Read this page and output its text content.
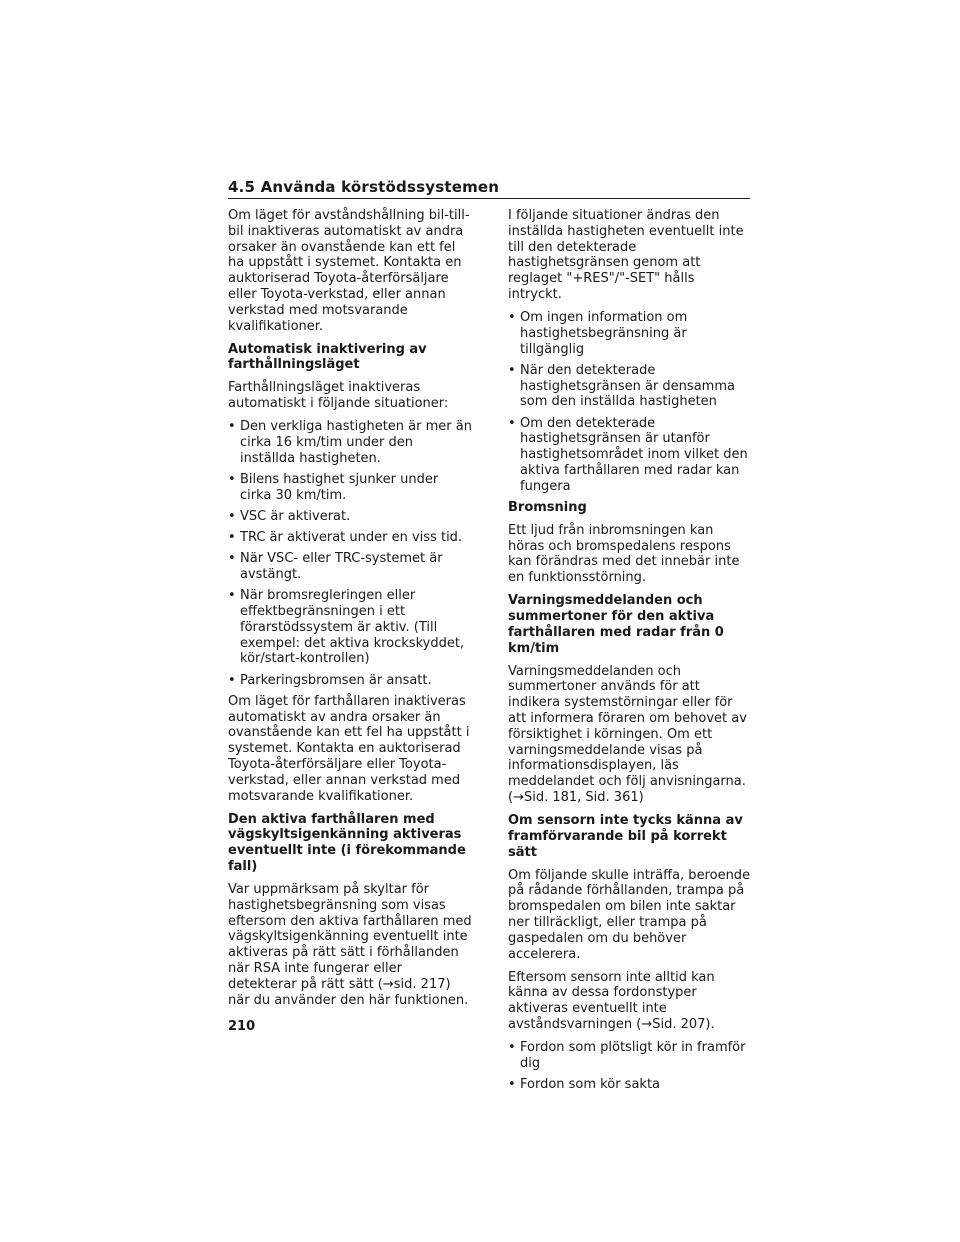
4.5 Använda körstödssystemen

Om läget för avståndshållning bil-till-bil inaktiveras automatiskt av andra orsaker än ovanstående kan ett fel ha uppstått i systemet. Kontakta en auktoriserad Toyota-återförsäljare eller Toyota-verkstad, eller annan verkstad med motsvarande kvalifikationer.

Automatisk inaktivering av farthållningsläget

Farthållningsläget inaktiveras automatiskt i följande situationer:

• Den verkliga hastigheten är mer än cirka 16 km/tim under den inställda hastigheten.
• Bilens hastighet sjunker under cirka 30 km/tim.
• VSC är aktiverat.
• TRC är aktiverat under en viss tid.
• När VSC- eller TRC-systemet är avstängt.
• När bromsregleringen eller effektbegränsningen i ett förarstödssystem är aktiv. (Till exempel: det aktiva krockskyddet, kör/start-kontrollen)
• Parkeringsbromsen är ansatt.

Om läget för farthållaren inaktiveras automatiskt av andra orsaker än ovanstående kan ett fel ha uppstått i systemet. Kontakta en auktoriserad Toyota-återförsäljare eller Toyota-verkstad, eller annan verkstad med motsvarande kvalifikationer.

Den aktiva farthållaren med vägskyltsigenkänning aktiveras eventuellt inte (i förekommande fall)

Var uppmärksam på skyltar för hastighetsbegränsning som visas eftersom den aktiva farthållaren med vägskyltsigenkänning eventuellt inte aktiveras på rätt sätt i förhållanden när RSA inte fungerar eller detekterar på rätt sätt (→sid. 217) när du använder den här funktionen.

I följande situationer ändras den inställda hastigheten eventuellt inte till den detekterade hastighetsgränsen genom att reglaget "+RES"/"-SET" hålls intryckt.

• Om ingen information om hastighetsbegränsning är tillgänglig
• När den detekterade hastighetsgränsen är densamma som den inställda hastigheten
• Om den detekterade hastighetsgränsen är utanför hastighetsområdet inom vilket den aktiva farthållaren med radar kan fungera

Bromsning

Ett ljud från inbromsningen kan höras och bromspedalens respons kan förändras med det innebär inte en funktionsstörning.

Varningsmeddelanden och summertoner för den aktiva farthållaren med radar från 0 km/tim

Varningsmeddelanden och summertoner används för att indikera systemstörningar eller för att informera föraren om behovet av försiktighet i körningen. Om ett varningsmeddelande visas på informationsdisplayen, läs meddelandet och följ anvisningarna. (→Sid. 181, Sid. 361)

Om sensorn inte tycks känna av framförvarande bil på korrekt sätt

Om följande skulle inträffa, beroende på rådande förhållanden, trampa på bromspedalen om bilen inte saktar ner tillräckligt, eller trampa på gaspedalen om du behöver accelerera.

Eftersom sensorn inte alltid kan känna av dessa fordonstyper aktiveras eventuellt inte avståndsvarningen (→Sid. 207).

• Fordon som plötsligt kör in framför dig
• Fordon som kör sakta
210
